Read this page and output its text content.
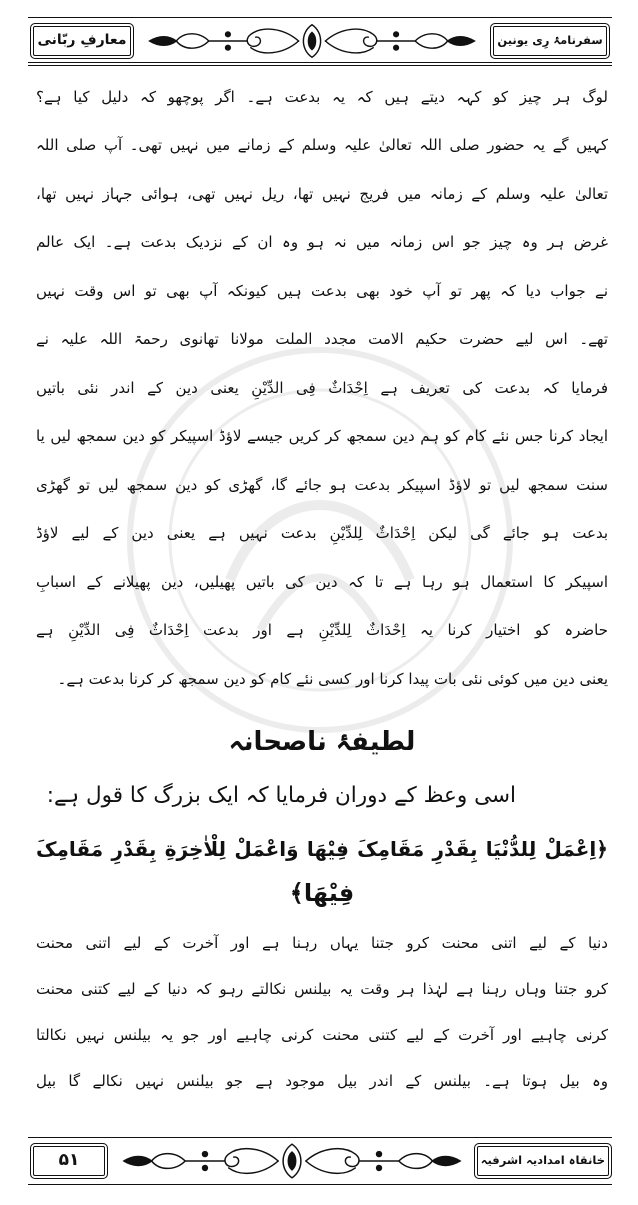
معارفِ ربّانی	سفرنامۂ رِی یونین
لوگ ہر چیز کو کہہ دیتے ہیں کہ یہ بدعت ہے۔ اگر پوچھو کہ دلیل کیا ہے؟
کہیں گے یہ حضور صلی اللہ تعالیٰ علیہ وسلم کے زمانے میں نہیں تھی۔ آپ صلی اللہ
تعالیٰ علیہ وسلم کے زمانہ میں فریج نہیں تھا، ریل نہیں تھی، ہوائی جہاز نہیں تھا،
غرض ہر وہ چیز جو اس زمانہ میں نہ ہو وہ ان کے نزدیک بدعت ہے۔ ایک عالم
نے جواب دیا کہ پھر تو آپ خود بھی بدعت ہیں کیونکہ آپ بھی تو اس وقت نہیں
تھے۔ اس لیے حضرت حکیم الامت مجدد الملت مولانا تھانوی رحمۃ اللہ علیہ نے
فرمایا کہ بدعت کی تعریف ہے اِحْدَاثٌ فِی الدِّیْنِ یعنی دین کے اندر نئی باتیں
ایجاد کرنا جس نئے کام کو ہم دین سمجھ کر کریں جیسے لاؤڈ اسپیکر کو دین سمجھ لیں یا
سنت سمجھ لیں تو لاؤڈ اسپیکر بدعت ہو جائے گا، گھڑی کو دین سمجھ لیں تو گھڑی
بدعت ہو جائے گی لیکن اِحْدَاثٌ لِلدِّیْنِ بدعت نہیں ہے یعنی دین کے لیے لاؤڈ
اسپیکر کا استعمال ہو رہا ہے تا کہ دین کی باتیں پھیلیں، دین پھیلانے کے اسبابِ
حاضرہ کو اختیار کرنا یہ اِحْدَاثٌ لِلدِّیْنِ ہے اور بدعت اِحْدَاثٌ فِی الدِّیْنِ ہے
یعنی دین میں کوئی نئی بات پیدا کرنا اور کسی نئے کام کو دین سمجھ کر کرنا بدعت ہے۔
لطیفۂ ناصحانہ
اسی وعظ کے دوران فرمایا کہ ایک بزرگ کا قول ہے:
﴿اِعْمَلْ لِلدُّنْیَا بِقَدْرِ مَقَامِکَ فِیْهَا وَاعْمَلْ لِلْاٰخِرَةِ بِقَدْرِ مَقَامِکَ
فِیْهَا﴾
دنیا کے لیے اتنی محنت کرو جتنا یہاں رہنا ہے اور آخرت کے لیے اتنی محنت
کرو جتنا وہاں رہنا ہے لہٰذا ہر وقت یہ بیلنس نکالتے رہو کہ دنیا کے لیے کتنی محنت
کرنی چاہیے اور آخرت کے لیے کتنی محنت کرنی چاہیے اور جو یہ بیلنس نہیں نکالتا
وہ بیل ہوتا ہے۔ بیلنس کے اندر بیل موجود ہے جو بیلنس نہیں نکالے گا بیل
۵۱	خانقاہ امدادیہ اشرفیہ
